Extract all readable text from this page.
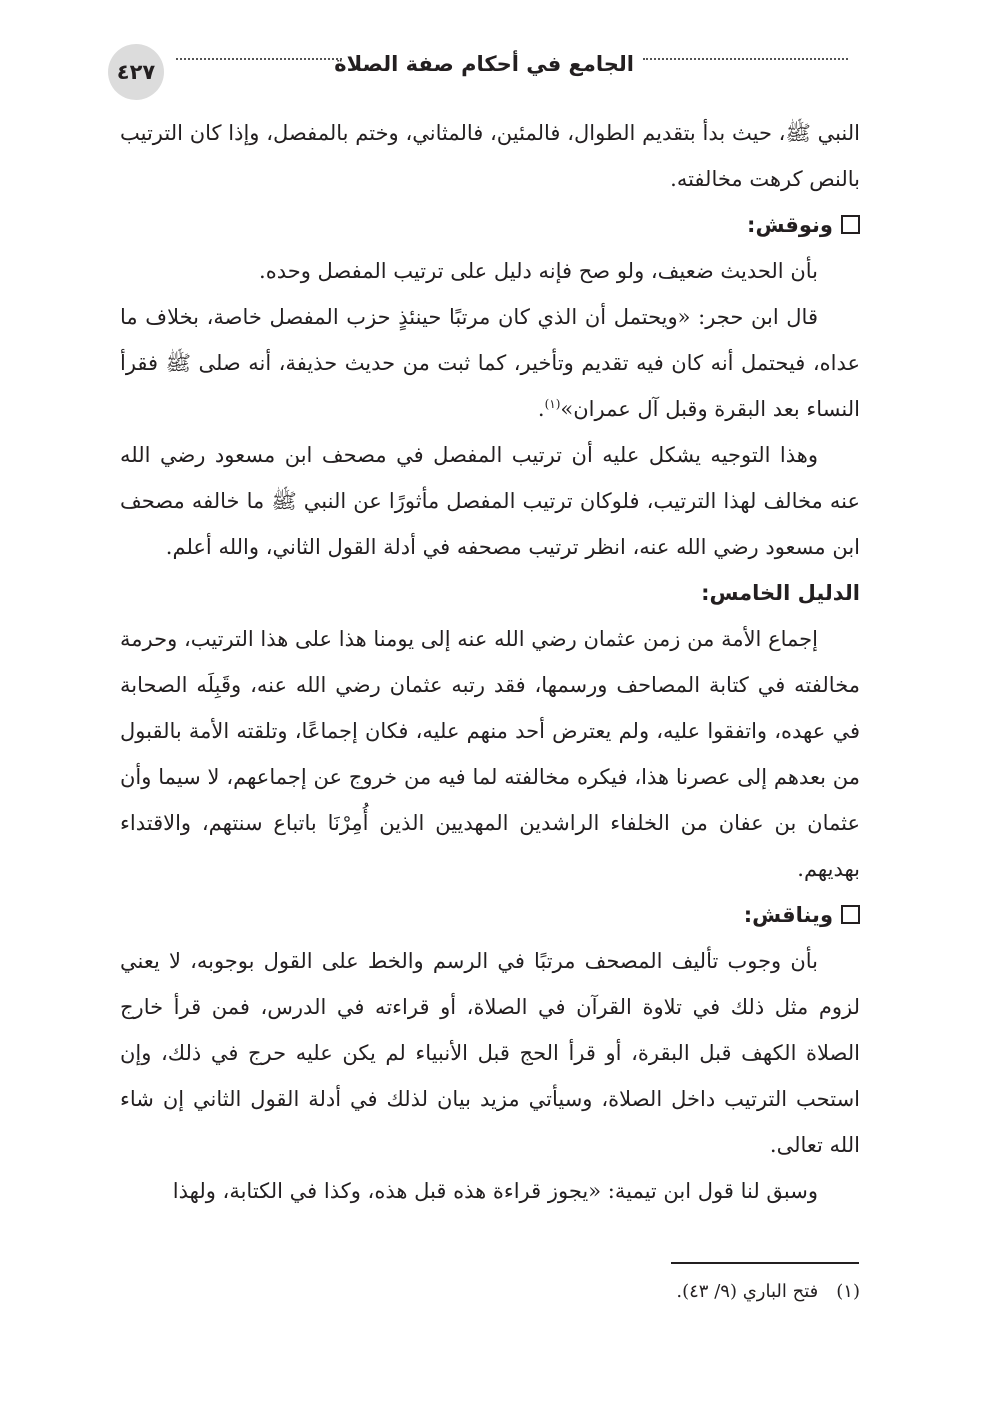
الجامع في أحكام صفة الصلاة
٤٢٧

النبي ﷺ، حيث بدأ بتقديم الطوال، فالمئين، فالمثاني، وختم بالمفصل، وإذا كان الترتيب بالنص كرهت مخالفته.

ونوقش:

بأن الحديث ضعيف، ولو صح فإنه دليل على ترتيب المفصل وحده.

قال ابن حجر: «ويحتمل أن الذي كان مرتبًا حينئذٍ حزب المفصل خاصة، بخلاف ما عداه، فيحتمل أنه كان فيه تقديم وتأخير، كما ثبت من حديث حذيفة، أنه صلى ﷺ فقرأ النساء بعد البقرة وقبل آل عمران»$^{(١)}$.

وهذا التوجيه يشكل عليه أن ترتيب المفصل في مصحف ابن مسعود رضي الله عنه مخالف لهذا الترتيب، فلوكان ترتيب المفصل مأثورًا عن النبي ﷺ ما خالفه مصحف ابن مسعود رضي الله عنه، انظر ترتيب مصحفه في أدلة القول الثاني، والله أعلم.

الدليل الخامس:

إجماع الأمة من زمن عثمان رضي الله عنه إلى يومنا هذا على هذا الترتيب، وحرمة مخالفته في كتابة المصاحف ورسمها، فقد رتبه عثمان رضي الله عنه، وقَبِلَه الصحابة في عهده، واتفقوا عليه، ولم يعترض أحد منهم عليه، فكان إجماعًا، وتلقته الأمة بالقبول من بعدهم إلى عصرنا هذا، فيكره مخالفته لما فيه من خروج عن إجماعهم، لا سيما وأن عثمان بن عفان من الخلفاء الراشدين المهديين الذين أُمِرْنَا باتباع سنتهم، والاقتداء بهديهم.

ويناقش:

بأن وجوب تأليف المصحف مرتبًا في الرسم والخط على القول بوجوبه، لا يعني لزوم مثل ذلك في تلاوة القرآن في الصلاة، أو قراءته في الدرس، فمن قرأ خارج الصلاة الكهف قبل البقرة، أو قرأ الحج قبل الأنبياء لم يكن عليه حرج في ذلك، وإن استحب الترتيب داخل الصلاة، وسيأتي مزيد بيان لذلك في أدلة القول الثاني إن شاء الله تعالى.

وسبق لنا قول ابن تيمية: «يجوز قراءة هذه قبل هذه، وكذا في الكتابة، ولهذا

(١)فتح الباري (٩/ ٤٣).
